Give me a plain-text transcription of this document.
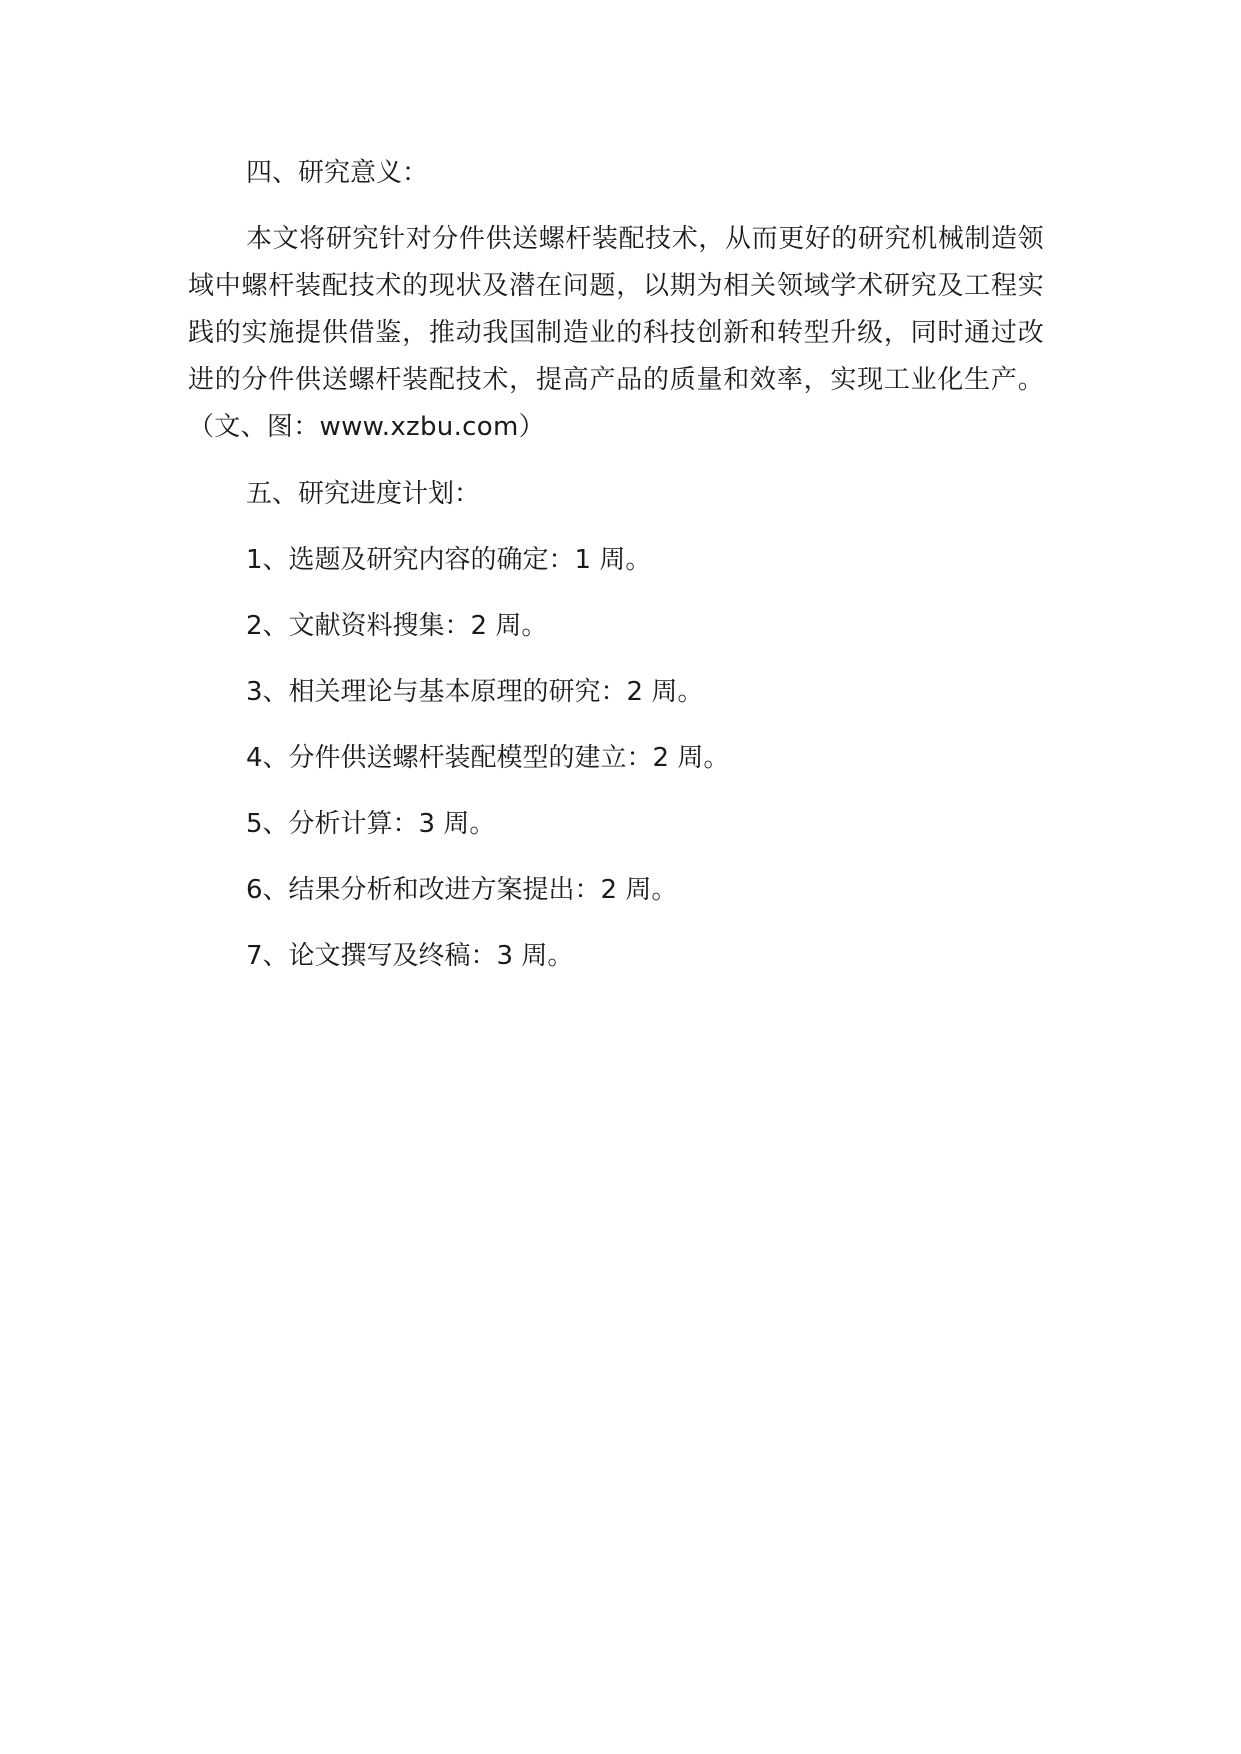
四、研究意义：

本文将研究针对分件供送螺杆装配技术，从而更好的研究机械制造领域中螺杆装配技术的现状及潜在问题，以期为相关领域学术研究及工程实践的实施提供借鉴，推动我国制造业的科技创新和转型升级，同时通过改进的分件供送螺杆装配技术，提高产品的质量和效率，实现工业化生产。（文、图：www.xzbu.com）

五、研究进度计划：

1、选题及研究内容的确定：1 周。
2、文献资料搜集：2 周。
3、相关理论与基本原理的研究：2 周。
4、分件供送螺杆装配模型的建立：2 周。
5、分析计算：3 周。
6、结果分析和改进方案提出：2 周。
7、论文撰写及终稿：3 周。
